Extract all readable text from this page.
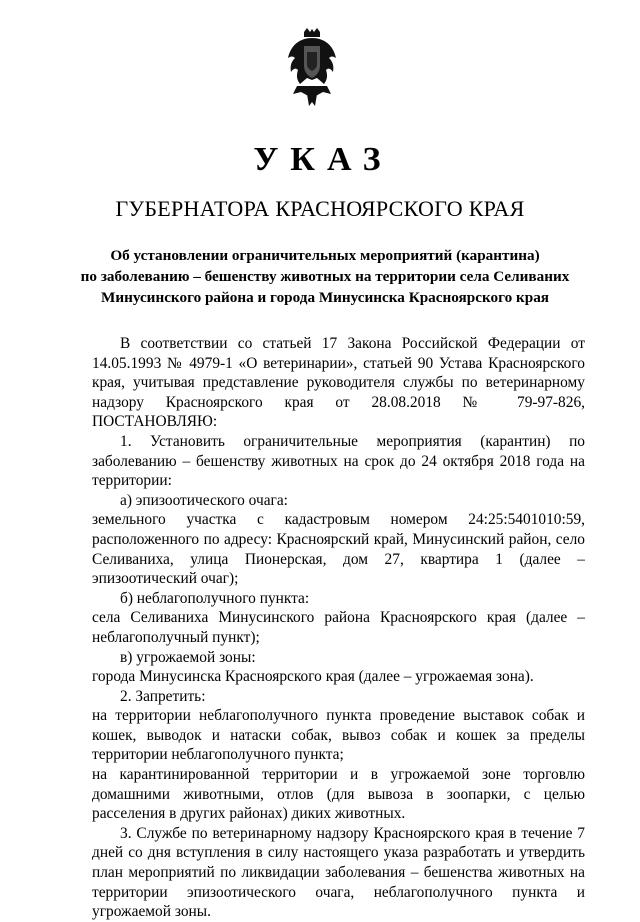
УКАЗ
ГУБЕРНАТОРА КРАСНОЯРСКОГО КРАЯ
Об установлении ограничительных мероприятий (карантина)
по заболеванию – бешенству животных на территории села Селиваних
Минусинского района и города Минусинска Красноярского края

В соответствии со статьей 17 Закона Российской Федерации от 14.05.1993 № 4979-1 «О ветеринарии», статьей 90 Устава Красноярского края, учитывая представление руководителя службы по ветеринарному надзору Красноярского края от 28.08.2018 № 79-97-826, ПОСТАНОВЛЯЮ:

1. Установить ограничительные мероприятия (карантин) по заболеванию – бешенству животных на срок до 24 октября 2018 года на территории:

а) эпизоотического очага:

земельного участка с кадастровым номером 24:25:5401010:59, расположенного по адресу: Красноярский край, Минусинский район, село Селиваниха, улица Пионерская, дом 27, квартира 1 (далее – эпизоотический очаг);

б) неблагополучного пункта:

села Селиваниха Минусинского района Красноярского края (далее – неблагополучный пункт);

в) угрожаемой зоны:

города Минусинска Красноярского края (далее – угрожаемая зона).

2. Запретить:

на территории неблагополучного пункта проведение выставок собак и кошек, выводок и натаски собак, вывоз собак и кошек за пределы территории неблагополучного пункта;

на карантинированной территории и в угрожаемой зоне торговлю домашними животными, отлов (для вывоза в зоопарки, с целью расселения в других районах) диких животных.

3. Службе по ветеринарному надзору Красноярского края в течение 7 дней со дня вступления в силу настоящего указа разработать и утвердить план мероприятий по ликвидации заболевания – бешенства животных на территории эпизоотического очага, неблагополучного пункта и угрожаемой зоны.
